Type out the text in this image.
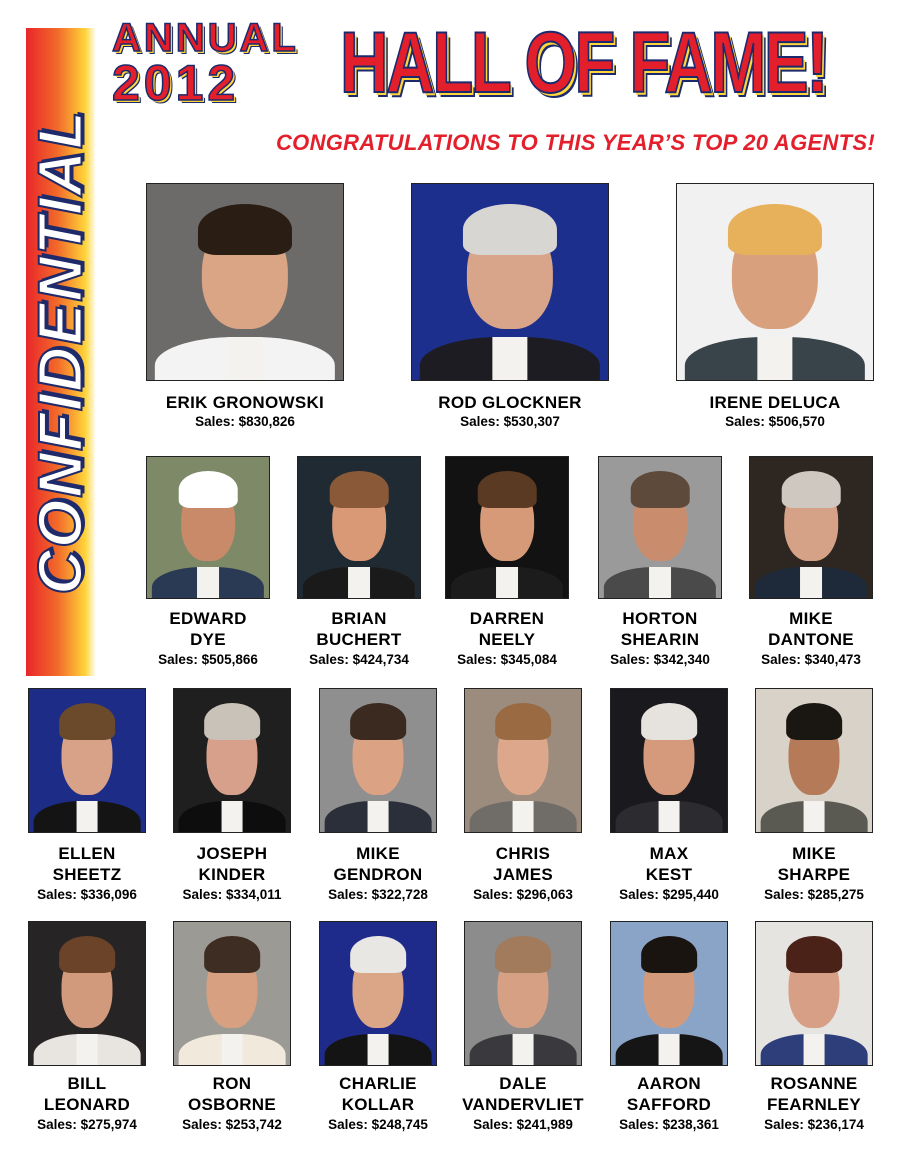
CONFIDENTIAL
ANNUAL
2012	HALL OF FAME!
CONGRATULATIONS TO THIS YEAR’S TOP 20 AGENTS!
ERIK GRONOWSKI
Sales: $830,826
ROD GLOCKNER
Sales: $530,307
IRENE DELUCA
Sales: $506,570
EDWARD
DYE
Sales: $505,866
BRIAN
BUCHERT
Sales: $424,734
DARREN
NEELY
Sales: $345,084
HORTON
SHEARIN
Sales: $342,340
MIKE
DANTONE
Sales: $340,473
ELLEN
SHEETZ
Sales: $336,096
JOSEPH
KINDER
Sales: $334,011
MIKE
GENDRON
Sales: $322,728
CHRIS
JAMES
Sales: $296,063
MAX
KEST
Sales: $295,440
MIKE
SHARPE
Sales: $285,275
BILL
LEONARD
Sales: $275,974
RON
OSBORNE
Sales: $253,742
CHARLIE
KOLLAR
Sales: $248,745
DALE
VANDERVLIET
Sales: $241,989
AARON
SAFFORD
Sales: $238,361
ROSANNE
FEARNLEY
Sales: $236,174
